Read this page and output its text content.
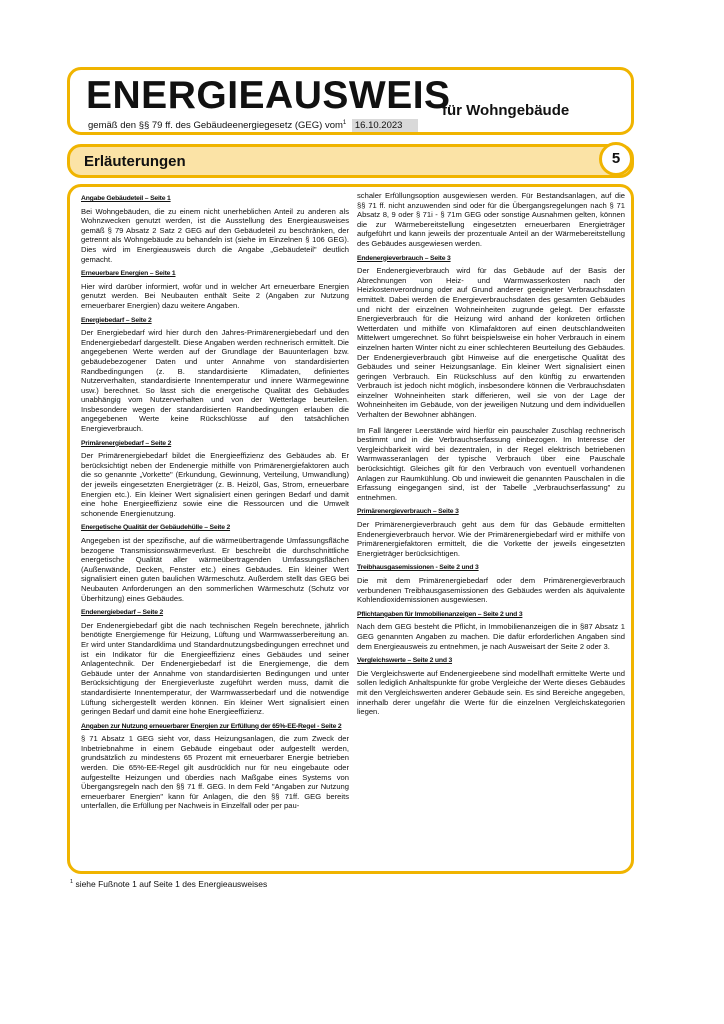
ENERGIEAUSWEIS
für Wohngebäude
gemäß den §§ 79 ff. des Gebäudeenergiegesetz (GEG) vom$^1$ 16.10.2023
Erläuterungen	5
Angabe Gebäudeteil – Seite 1
Bei Wohngebäuden, die zu einem nicht unerheblichen Anteil zu anderen als Wohnzwecken genutzt werden, ist die Ausstellung des Energieausweises gemäß § 79 Absatz 2 Satz 2 GEG auf den Gebäudeteil zu beschränken, der getrennt als Wohngebäude zu behandeln ist (siehe im Einzelnen § 106 GEG). Dies wird im Energieausweis durch die Angabe „Gebäudeteil" deutlich gemacht.
Erneuerbare Energien – Seite 1
Hier wird darüber informiert, wofür und in welcher Art erneuerbare Energien genutzt werden. Bei Neubauten enthält Seite 2 (Angaben zur Nutzung erneuerbarer Energien) dazu weitere Angaben.
Energiebedarf – Seite 2
Der Energiebedarf wird hier durch den Jahres-Primärenergiebedarf und den Endenergiebedarf dargestellt. Diese Angaben werden rechnerisch ermittelt. Die angegebenen Werte werden auf der Grundlage der Bauunterlagen bzw. gebäudebezogener Daten und unter Annahme von standardisierten Randbedingungen (z. B. standardisierte Klimadaten, definiertes Nutzerverhalten, standardisierte Innentemperatur und innere Wärmegewinne usw.) berechnet. So lässt sich die energetische Qualität des Gebäudes unabhängig vom Nutzerverhalten und von der Wetterlage beurteilen. Insbesondere wegen der standardisierten Randbedingungen erlauben die angegebenen Werte keine Rückschlüsse auf den tatsächlichen Energieverbrauch.
Primärenergiebedarf – Seite 2
Der Primärenergiebedarf bildet die Energieeffizienz des Gebäudes ab. Er berücksichtigt neben der Endenergie mithilfe von Primärenergiefaktoren auch die so genannte „Vorkette" (Erkundung, Gewinnung, Verteilung, Umwandlung) der jeweils eingesetzten Energieträger (z. B. Heizöl, Gas, Strom, erneuerbare Energien etc.). Ein kleiner Wert signalisiert einen geringen Bedarf und damit eine hohe Energieeffizienz sowie eine die Ressourcen und die Umwelt schonende Energienutzung.
Energetische Qualität der Gebäudehülle – Seite 2
Angegeben ist der spezifische, auf die wärmeübertragende Umfassungsfläche bezogene Transmissionswärmeverlust. Er beschreibt die durchschnittliche energetische Qualität aller wärmeübertragenden Umfassungsflächen (Außenwände, Decken, Fenster etc.) eines Gebäudes. Ein kleiner Wert signalisiert einen guten baulichen Wärmeschutz. Außerdem stellt das GEG bei Neubauten Anforderungen an den sommerlichen Wärmeschutz (Schutz vor Überhitzung) eines Gebäudes.
Endenergiebedarf – Seite 2
Der Endenergiebedarf gibt die nach technischen Regeln berechnete, jährlich benötigte Energiemenge für Heizung, Lüftung und Warmwasserbereitung an. Er wird unter Standardklima und Standardnutzungsbedingungen errechnet und ist ein Indikator für die Energieeffizienz eines Gebäudes und seiner Anlagentechnik. Der Endenergiebedarf ist die Energiemenge, die dem Gebäude unter der Annahme von standardisierten Bedingungen und unter Berücksichtigung der Energieverluste zugeführt werden muss, damit die standardisierte Innentemperatur, der Warmwasserbedarf und die notwendige Lüftung sichergestellt werden können. Ein kleiner Wert signalisiert einen geringen Bedarf und damit eine hohe Energieeffizienz.
Angaben zur Nutzung erneuerbarer Energien zur Erfüllung der 65%-EE-Regel - Seite 2
§ 71 Absatz 1 GEG sieht vor, dass Heizungsanlagen, die zum Zweck der Inbetriebnahme in einem Gebäude eingebaut oder aufgestellt werden, grundsätzlich zu mindestens 65 Prozent mit erneuerbarer Energie betrieben werden. Die 65%-EE-Regel gilt ausdrücklich nur für neu eingebaute oder aufgestellte Heizungen und überdies nach Maßgabe eines Systems von Übergangsregeln nach den §§ 71 ff. GEG. In dem Feld "Angaben zur Nutzung erneuerbarer Energien" kann für Anlagen, die den §§ 71ff. GEG bereits unterfallen, die Erfüllung per Nachweis in Einzelfall oder per pau-
schaler Erfüllungsoption ausgewiesen werden. Für Bestandsanlagen, auf die §§ 71 ff. nicht anzuwenden sind oder für die Übergangsregelungen nach § 71 Absatz 8, 9 oder § 71i - § 71m GEG oder sonstige Ausnahmen gelten, können die zur Wärmebereitstellung eingesetzten erneuerbaren Energieträger aufgeführt und kann jeweils der prozentuale Anteil an der Wärmebereitstellung des Gebäudes ausgewiesen werden.
Endenergieverbrauch – Seite 3
Der Endenergieverbrauch wird für das Gebäude auf der Basis der Abrechnungen von Heiz- und Warmwasserkosten nach der Heizkostenverordnung oder auf Grund anderer geeigneter Verbrauchsdaten ermittelt. Dabei werden die Energieverbrauchsdaten des gesamten Gebäudes und nicht der einzelnen Wohneinheiten zugrunde gelegt. Der erfasste Energieverbrauch für die Heizung wird anhand der konkreten örtlichen Wetterdaten und mithilfe von Klimafaktoren auf einen deutschlandweiten Mittelwert umgerechnet. So führt beispielsweise ein hoher Verbrauch in einem einzelnen harten Winter nicht zu einer schlechteren Beurteilung des Gebäudes. Der Endenergieverbrauch gibt Hinweise auf die energetische Qualität des Gebäudes und seiner Heizungsanlage. Ein kleiner Wert signalisiert einen geringen Verbrauch. Ein Rückschluss auf den künftig zu erwartenden Verbrauch ist jedoch nicht möglich, insbesondere können die Verbrauchsdaten einzelner Wohneinheiten stark differieren, weil sie von der Lage der Wohneinheiten im Gebäude, von der jeweiligen Nutzung und dem individuellen Verhalten der Bewohner abhängen.
Im Fall längerer Leerstände wird hierfür ein pauschaler Zuschlag rechnerisch bestimmt und in die Verbrauchserfassung einbezogen. Im Interesse der Vergleichbarkeit wird bei dezentralen, in der Regel elektrisch betriebenen Warmwasseranlagen der typische Verbrauch über eine Pauschale berücksichtigt. Gleiches gilt für den Verbrauch von eventuell vorhandenen Anlagen zur Raumkühlung. Ob und inwieweit die genannten Pauschalen in die Erfassung eingegangen sind, ist der Tabelle „Verbrauchserfassung" zu entnehmen.
Primärenergieverbrauch – Seite 3
Der Primärenergieverbrauch geht aus dem für das Gebäude ermittelten Endenergieverbrauch hervor. Wie der Primärenergiebedarf wird er mithilfe von Primärenergiefaktoren ermittelt, die die Vorkette der jeweils eingesetzten Energieträger berücksichtigen.
Treibhausgasemissionen - Seite 2 und 3
Die mit dem Primärenergiebedarf oder dem Primärenergieverbrauch verbundenen Treibhausgasemissionen des Gebäudes werden als äquivalente Kohlendioxidemissionen ausgewiesen.
Pflichtangaben für Immobilienanzeigen – Seite 2 und 3
Nach dem GEG besteht die Pflicht, in Immobilienanzeigen die in §87 Absatz 1 GEG genannten Angaben zu machen. Die dafür erforderlichen Angaben sind dem Energieausweis zu entnehmen, je nach Ausweisart der Seite 2 oder 3.
Vergleichswerte – Seite 2 und 3
Die Vergleichswerte auf Endenergieebene sind modellhaft ermittelte Werte und sollen lediglich Anhaltspunkte für grobe Vergleiche der Werte dieses Gebäudes mit den Vergleichswerten anderer Gebäude sein. Es sind Bereiche angegeben, innerhalb derer ungefähr die Werte für die einzelnen Vergleichskategorien liegen.
$^1$ siehe Fußnote 1 auf Seite 1 des Energieausweises
